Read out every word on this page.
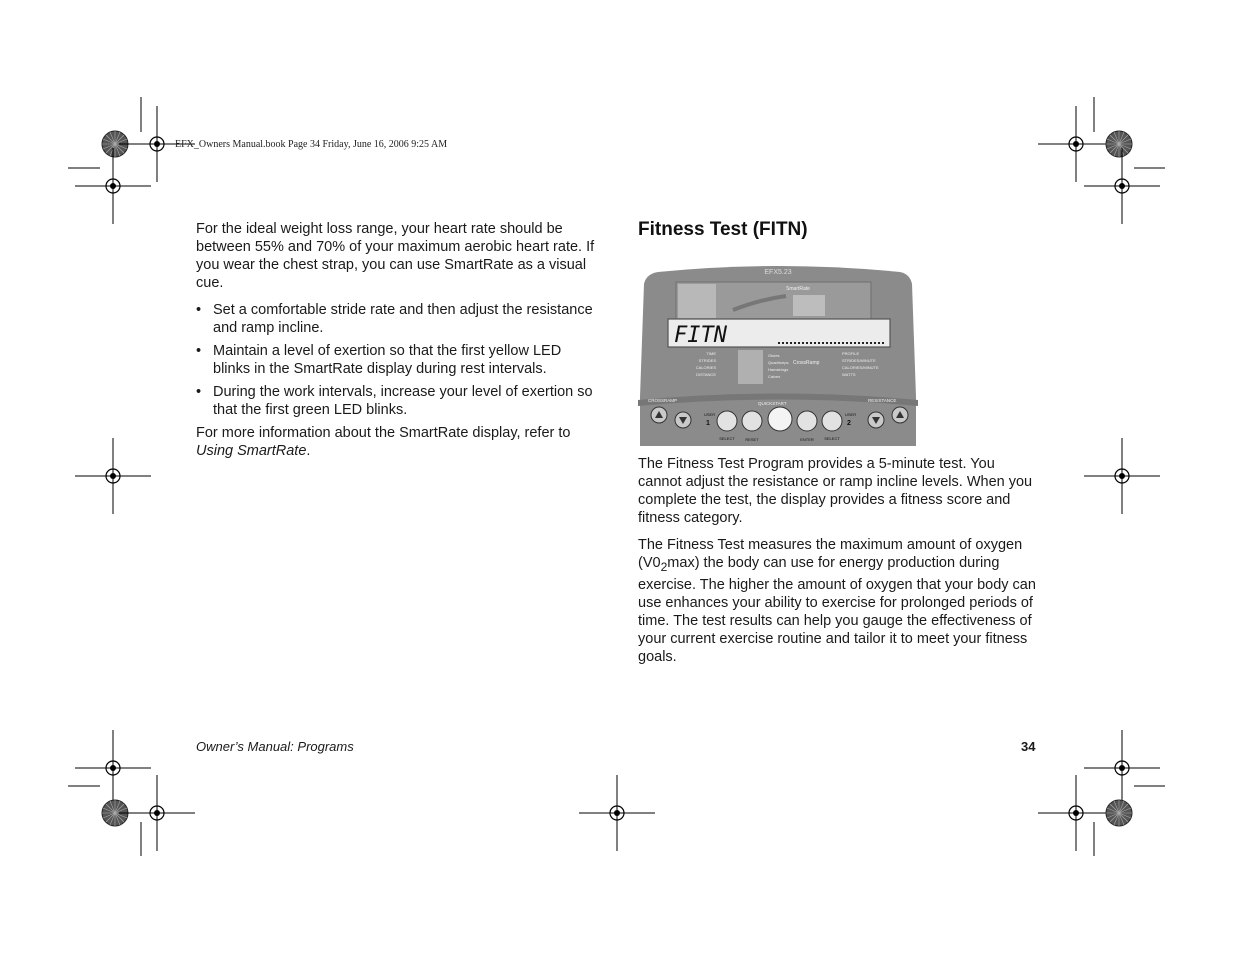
EFX_Owners Manual.book Page 34 Friday, June 16, 2006 9:25 AM

For the ideal weight loss range, your heart rate should be between 55% and 70% of your maximum aerobic heart rate. If you wear the chest strap, you can use SmartRate as a visual cue.

• Set a comfortable stride rate and then adjust the resistance and ramp incline.
• Maintain a level of exertion so that the first yellow LED blinks in the SmartRate display during rest intervals.
• During the work intervals, increase your level of exertion so that the first green LED blinks.

For more information about the SmartRate display, refer to Using SmartRate.

Fitness Test (FITN)
EFX5.23
SmartRate
FITN
TIME
STRIDES
CALORIES
DISTANCE
PROFILE
STRIDES/MINUTE
CALORIES/MINUTE
WATTS
Glutes
Quadriceps
Hamstrings
Calves
CrossRamp
CROSSRAMP	RESISTANCE
QUICKSTART
USER
1
USER
2
SELECT	RESET	ENTER	SELECT

The Fitness Test Program provides a 5-minute test. You cannot adjust the resistance or ramp incline levels. When you complete the test, the display provides a fitness score and fitness category.

The Fitness Test measures the maximum amount of oxygen $(V0_2\max)$ the body can use for energy production during exercise. The higher the amount of oxygen that your body can use enhances your ability to exercise for prolonged periods of time. The test results can help you gauge the effectiveness of your current exercise routine and tailor it to meet your fitness goals.

Owner’s Manual: Programs	34
